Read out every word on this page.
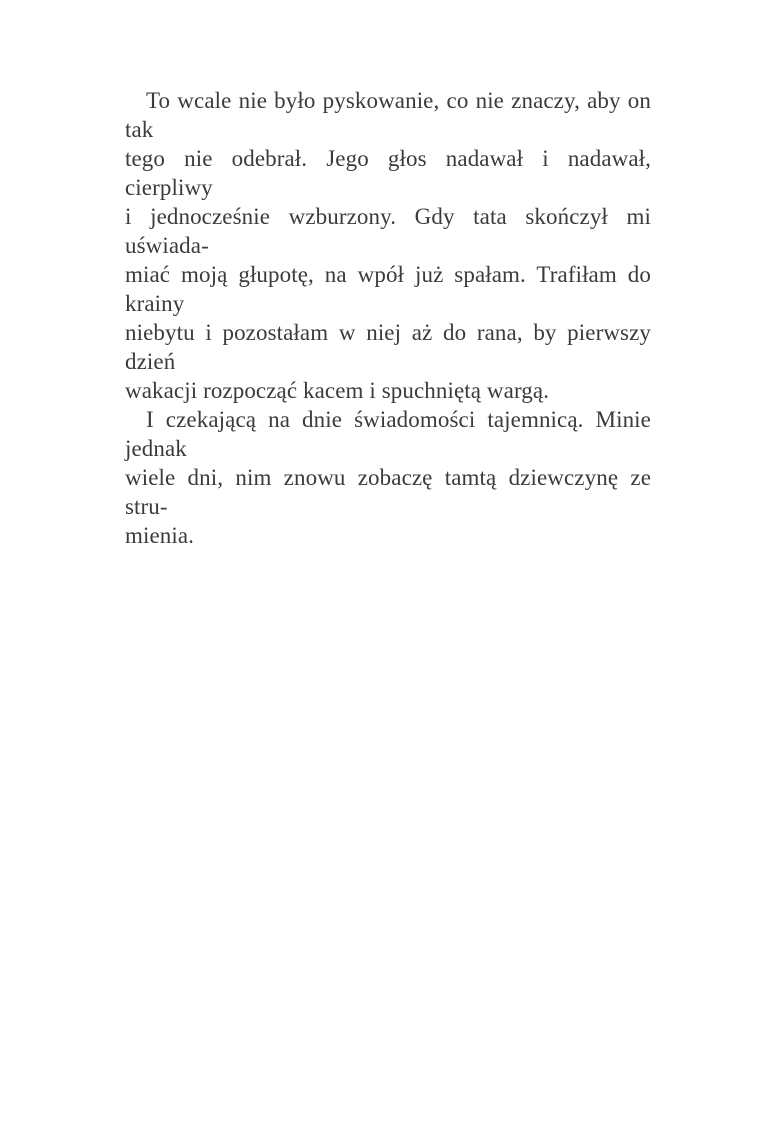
To wcale nie było pyskowanie, co nie znaczy, aby on tak
tego nie odebrał. Jego głos nadawał i nadawał, cierpliwy
i jednocześnie wzburzony. Gdy tata skończył mi uświada-
miać moją głupotę, na wpół już spałam. Trafiłam do krainy
niebytu i pozostałam w niej aż do rana, by pierwszy dzień
wakacji rozpocząć kacem i spuchniętą wargą.
I czekającą na dnie świadomości tajemnicą. Minie jednak
wiele dni, nim znowu zobaczę tamtą dziewczynę ze stru-
mienia.
